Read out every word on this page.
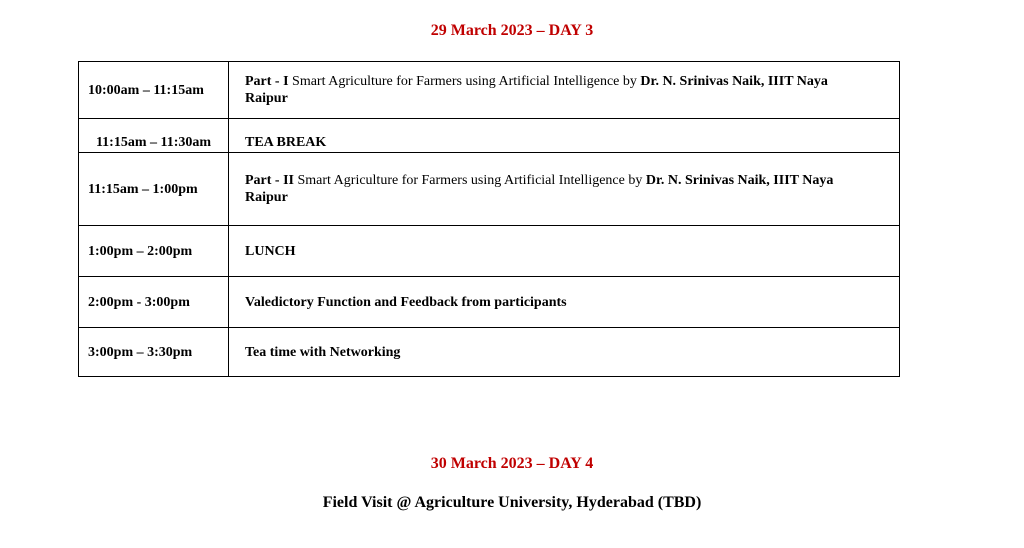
29 March 2023 – DAY 3
10:00am – 11:15am	Part - I Smart Agriculture for Farmers using Artificial Intelligence by Dr. N. Srinivas Naik, IIIT Naya Raipur
11:15am – 11:30am	TEA BREAK
11:15am – 1:00pm	Part - II Smart Agriculture for Farmers using Artificial Intelligence by Dr. N. Srinivas Naik, IIIT Naya Raipur
1:00pm – 2:00pm	LUNCH
2:00pm - 3:00pm	Valedictory Function and Feedback from participants
3:00pm – 3:30pm	Tea time with Networking
30 March 2023 – DAY 4
Field Visit @ Agriculture University, Hyderabad (TBD)
